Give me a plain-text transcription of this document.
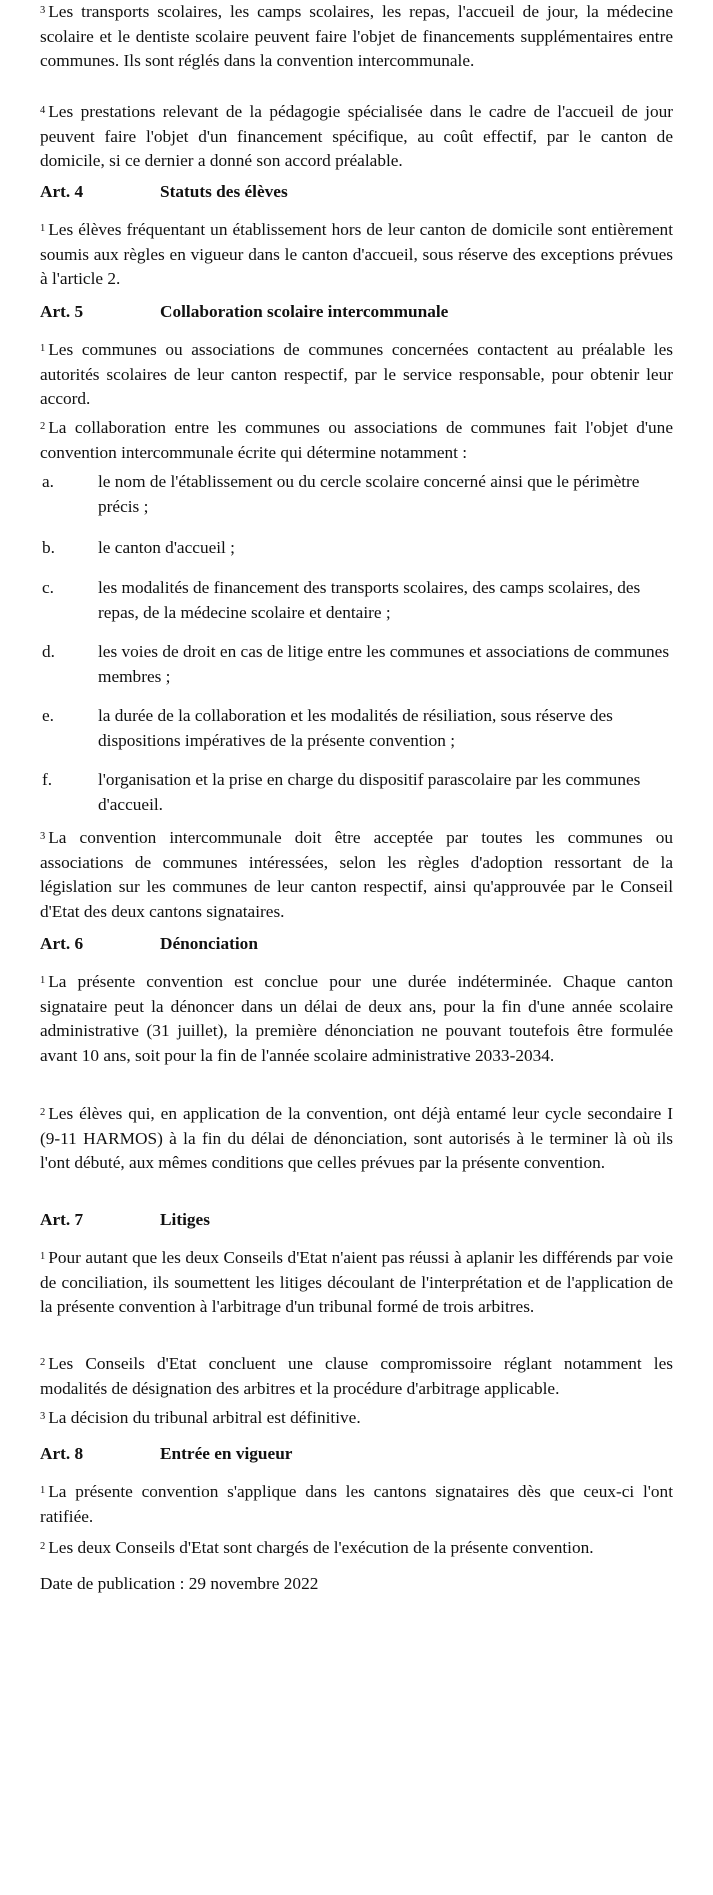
$^3$ Les transports scolaires, les camps scolaires, les repas, l'accueil de jour, la médecine scolaire et le dentiste scolaire peuvent faire l'objet de financements supplémentaires entre communes. Ils sont réglés dans la convention intercommunale.

$^4$ Les prestations relevant de la pédagogie spécialisée dans le cadre de l'accueil de jour peuvent faire l'objet d'un financement spécifique, au coût effectif, par le canton de domicile, si ce dernier a donné son accord préalable.

Art. 4	Statuts des élèves

$^1$ Les élèves fréquentant un établissement hors de leur canton de domicile sont entièrement soumis aux règles en vigueur dans le canton d'accueil, sous réserve des exceptions prévues à l'article 2.

Art. 5	Collaboration scolaire intercommunale

$^1$ Les communes ou associations de communes concernées contactent au préalable les autorités scolaires de leur canton respectif, par le service responsable, pour obtenir leur accord.

$^2$ La collaboration entre les communes ou associations de communes fait l'objet d'une convention intercommunale écrite qui détermine notamment :

a.	le nom de l'établissement ou du cercle scolaire concerné ainsi que le périmètre précis ;
b.	le canton d'accueil ;
c.	les modalités de financement des transports scolaires, des camps scolaires, des repas, de la médecine scolaire et dentaire ;
d.	les voies de droit en cas de litige entre les communes et associations de communes membres ;
e.	la durée de la collaboration et les modalités de résiliation, sous réserve des dispositions impératives de la présente convention ;
f.	l'organisation et la prise en charge du dispositif parascolaire par les communes d'accueil.

$^3$ La convention intercommunale doit être acceptée par toutes les communes ou associations de communes intéressées, selon les règles d'adoption ressortant de la législation sur les communes de leur canton respectif, ainsi qu'approuvée par le Conseil d'Etat des deux cantons signataires.

Art. 6	Dénonciation

$^1$ La présente convention est conclue pour une durée indéterminée. Chaque canton signataire peut la dénoncer dans un délai de deux ans, pour la fin d'une année scolaire administrative (31 juillet), la première dénonciation ne pouvant toutefois être formulée avant 10 ans, soit pour la fin de l'année scolaire administrative 2033-2034.

$^2$ Les élèves qui, en application de la convention, ont déjà entamé leur cycle secondaire I (9-11 HARMOS) à la fin du délai de dénonciation, sont autorisés à le terminer là où ils l'ont débuté, aux mêmes conditions que celles prévues par la présente convention.

Art. 7	Litiges

$^1$ Pour autant que les deux Conseils d'Etat n'aient pas réussi à aplanir les différends par voie de conciliation, ils soumettent les litiges découlant de l'interprétation et de l'application de la présente convention à l'arbitrage d'un tribunal formé de trois arbitres.

$^2$ Les Conseils d'Etat concluent une clause compromissoire réglant notamment les modalités de désignation des arbitres et la procédure d'arbitrage applicable.

$^3$ La décision du tribunal arbitral est définitive.

Art. 8	Entrée en vigueur

$^1$ La présente convention s'applique dans les cantons signataires dès que ceux-ci l'ont ratifiée.

$^2$ Les deux Conseils d'Etat sont chargés de l'exécution de la présente convention.

Date de publication : 29 novembre 2022
